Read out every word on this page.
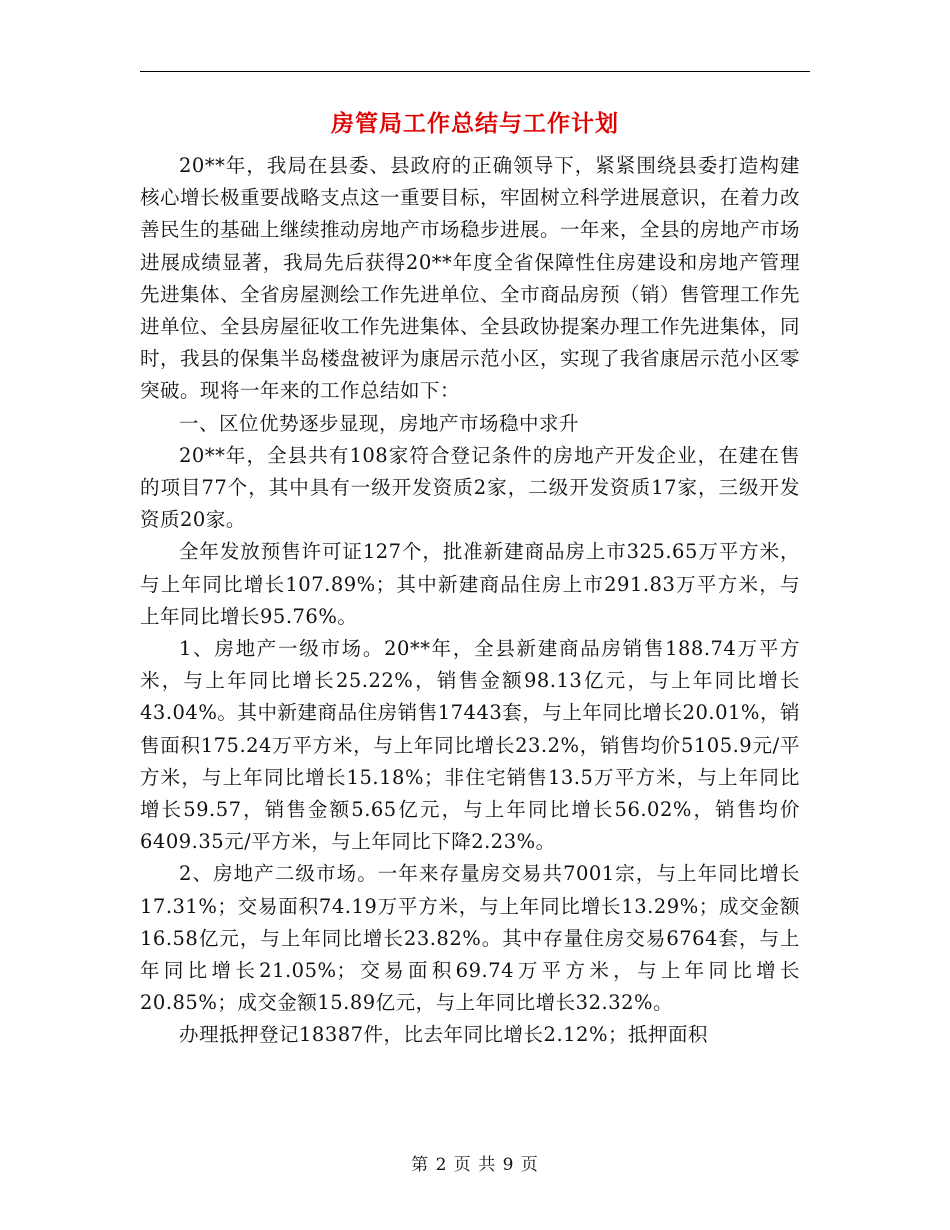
房管局工作总结与工作计划

20**年，我局在县委、县政府的正确领导下，紧紧围绕县委打造构建核心增长极重要战略支点这一重要目标，牢固树立科学进展意识，在着力改善民生的基础上继续推动房地产市场稳步进展。一年来，全县的房地产市场进展成绩显著，我局先后获得20**年度全省保障性住房建设和房地产管理先进集体、全省房屋测绘工作先进单位、全市商品房预（销）售管理工作先进单位、全县房屋征收工作先进集体、全县政协提案办理工作先进集体，同时，我县的保集半岛楼盘被评为康居示范小区，实现了我省康居示范小区零突破。现将一年来的工作总结如下：

一、区位优势逐步显现，房地产市场稳中求升

20**年，全县共有108家符合登记条件的房地产开发企业，在建在售的项目77个，其中具有一级开发资质2家，二级开发资质17家，三级开发资质20家。

全年发放预售许可证127个，批准新建商品房上市325.65万平方米，与上年同比增长107.89%；其中新建商品住房上市291.83万平方米，与上年同比增长95.76%。

1、房地产一级市场。20**年，全县新建商品房销售188.74万平方米，与上年同比增长25.22%，销售金额98.13亿元，与上年同比增长43.04%。其中新建商品住房销售17443套，与上年同比增长20.01%，销售面积175.24万平方米，与上年同比增长23.2%，销售均价5105.9元/平方米，与上年同比增长15.18%；非住宅销售13.5万平方米，与上年同比增长59.57，销售金额5.65亿元，与上年同比增长56.02%，销售均价6409.35元/平方米，与上年同比下降2.23%。

2、房地产二级市场。一年来存量房交易共7001宗，与上年同比增长17.31%；交易面积74.19万平方米，与上年同比增长13.29%；成交金额16.58亿元，与上年同比增长23.82%。其中存量住房交易6764套，与上年同比增长21.05%；交易面积69.74万平方米，与上年同比增长20.85%；成交金额15.89亿元，与上年同比增长32.32%。

办理抵押登记18387件，比去年同比增长2.12%；抵押面积

第 2 页 共 9 页
